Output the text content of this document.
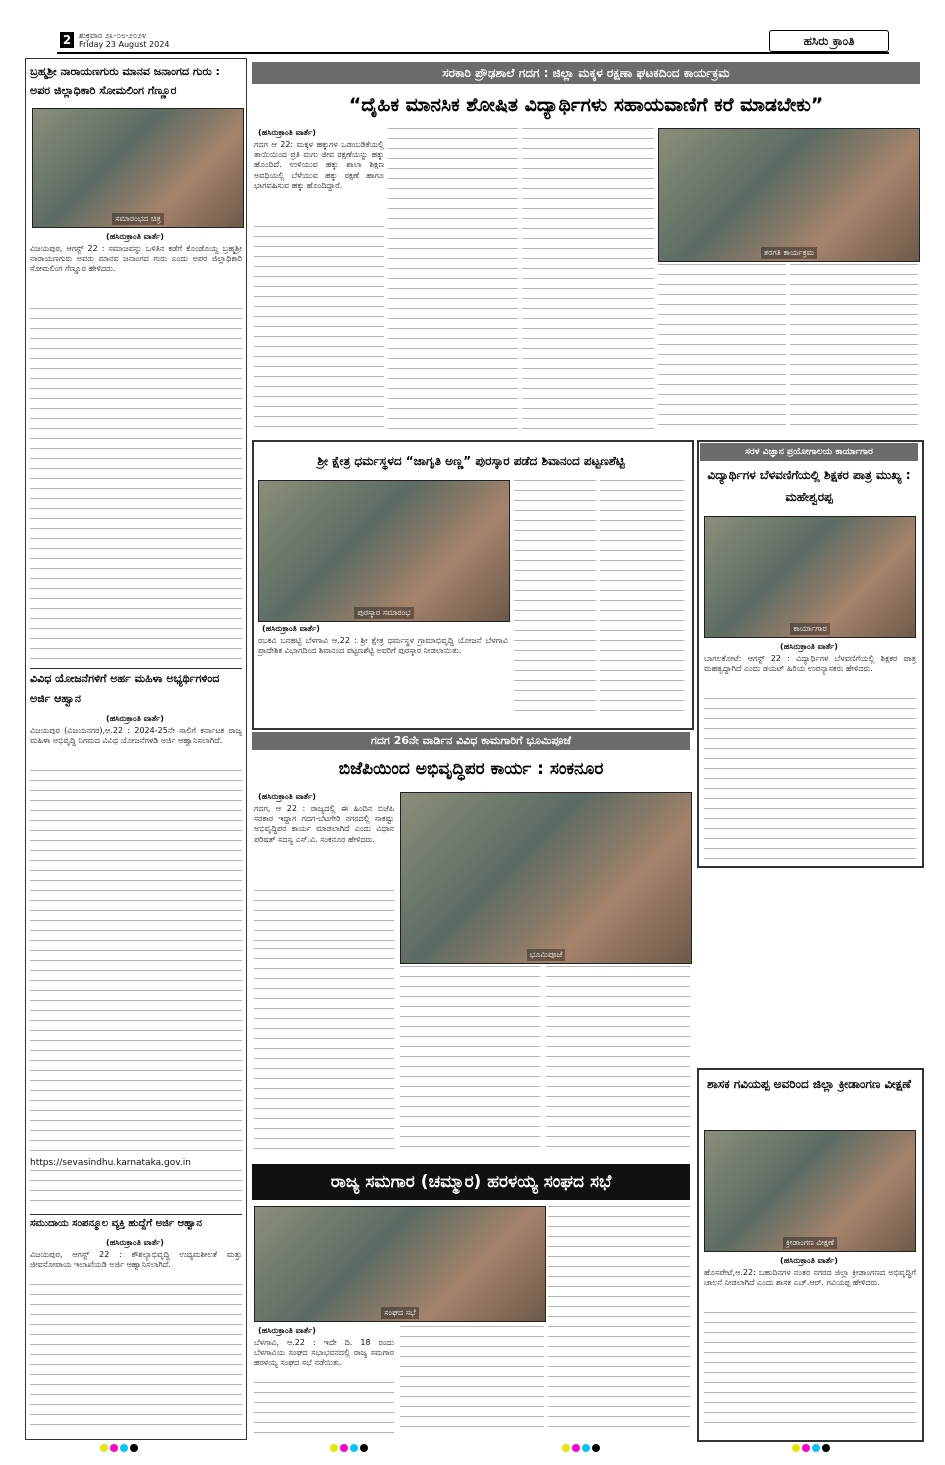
2 ಶುಕ್ರವಾರ ೨೩-೦೮-೨೦೨೪
Friday 23 August 2024	ಹಸಿರು ಕ್ರಾಂತಿ
ಬ್ರಹ್ಮಶ್ರೀ ನಾರಾಯಣಗುರು ಮಾನವ ಜನಾಂಗದ ಗುರು : ಅಪರ ಜಿಲ್ಲಾಧಿಕಾರಿ ಸೋಮಲಿಂಗ ಗೆಣ್ಣೂರ
ಸಮಾರಂಭದ ಚಿತ್ರ
(ಹಸಿರುಕ್ರಾಂತಿ ವಾರ್ತೆ)
ವಿಜಯಪುರ, ಆಗಸ್ಟ್ 22 : ಸಮಾಜವನ್ನು ಒಳಿತಿನ ಕಡೆಗೆ ಕೊಂಡೊಯ್ದ ಬ್ರಹ್ಮಶ್ರೀ ನಾರಾಯಣಗುರು ಅವರು ಮಾನವ ಜನಾಂಗದ ಗುರು ಎಂದು ಅಪರ ಜಿಲ್ಲಾಧಿಕಾರಿ ಸೋಮಲಿಂಗ ಗೆಣ್ಣೂರ ಹೇಳಿದರು.
ವಿವಿಧ ಯೋಜನೆಗಳಿಗೆ ಅರ್ಹ ಮಹಿಳಾ ಅಭ್ಯರ್ಥಿಗಳಿಂದ ಅರ್ಜಿ ಆಹ್ವಾನ
(ಹಸಿರುಕ್ರಾಂತಿ ವಾರ್ತೆ)
ವಿಜಯಪುರ (ವಿಜಯನಗರ),ಆ.22 : 2024-25ನೇ ಸಾಲಿಗೆ ಕರ್ನಾಟಕ ರಾಜ್ಯ ಮಹಿಳಾ ಅಭಿವೃದ್ಧಿ ನಿಗಮದ ವಿವಿಧ ಯೋಜನೆಗಳಡಿ ಅರ್ಜಿ ಆಹ್ವಾನಿಸಲಾಗಿದೆ.
https://sevasindhu.karnataka.gov.in
ಸಮುದಾಯ ಸಂಪನ್ಮೂಲ ವ್ಯಕ್ತಿ ಹುದ್ದೆಗೆ ಅರ್ಜಿ ಆಹ್ವಾನ
(ಹಸಿರುಕ್ರಾಂತಿ ವಾರ್ತೆ)
ವಿಜಯಪುರ, ಆಗಸ್ಟ್ 22 : ಕೌಶಲ್ಯಾಭಿವೃದ್ಧಿ ಉದ್ಯಮಶೀಲತೆ ಮತ್ತು ಜೀವನೋಪಾಯ ಇಲಾಖೆಯಡಿ ಅರ್ಜಿ ಆಹ್ವಾನಿಸಲಾಗಿದೆ.
ಸರಕಾರಿ ಪ್ರೌಢಶಾಲೆ ಗದಗ : ಜಿಲ್ಲಾ ಮಕ್ಕಳ ರಕ್ಷಣಾ ಘಟಕದಿಂದ ಕಾರ್ಯಕ್ರಮ
“ದೈಹಿಕ ಮಾನಸಿಕ ಶೋಷಿತ ವಿದ್ಯಾರ್ಥಿಗಳು ಸಹಾಯವಾಣಿಗೆ ಕರೆ ಮಾಡಬೇಕು”
(ಹಸಿರುಕ್ರಾಂತಿ ವಾರ್ತೆ)
ಗದಗ ಆ 22: ಮಕ್ಕಳ ಹಕ್ಕುಗಳ ಒಡಂಬಡಿಕೆಯಲ್ಲಿ ತಾಯಿಯಿಂದ ಪ್ರತಿ ಮಗು ಜೀವ ರಕ್ಷಣೆಯನ್ನು ಹಕ್ಕು ಹೊಂದಿದೆ. ಉಳಿಯುವ ಹಕ್ಕು ಶಾಲಾ ಶಿಕ್ಷಣ ಅವಧಿಯಲ್ಲಿ ಬೆಳೆಯುವ ಹಕ್ಕು ರಕ್ಷಣೆ ಹಾಗೂ ಭಾಗವಹಿಸುವ ಹಕ್ಕು ಹೊಂದಿದ್ದಾರೆ.
ತರಗತಿ ಕಾರ್ಯಕ್ರಮ
ಶ್ರೀ ಕ್ಷೇತ್ರ ಧರ್ಮಸ್ಥಳದ “ಜಾಗೃತಿ ಅಣ್ಣ” ಪುರಸ್ಕಾರ ಪಡೆದ ಶಿವಾನಂದ ಪಟ್ಟಣಶೆಟ್ಟಿ
ಪುರಸ್ಕಾರ ಸಮಾರಂಭ
(ಹಸಿರುಕ್ರಾಂತಿ ವಾರ್ತೆ)
ರಬಕವಿ ಬನಹಟ್ಟಿ ಬೆಳಗಾವಿ ಆ.22 : ಶ್ರೀ ಕ್ಷೇತ್ರ ಧರ್ಮಸ್ಥಳ ಗ್ರಾಮಾಭಿವೃದ್ಧಿ ಯೋಜನೆ ಬೆಳಗಾವಿ ಪ್ರಾದೇಶಿಕ ವಿಭಾಗದಿಂದ ಶಿವಾನಂದ ಪಟ್ಟಣಶೆಟ್ಟಿ ಅವರಿಗೆ ಪುರಸ್ಕಾರ ನೀಡಲಾಯಿತು.
ಸರಳ ವಿಜ್ಞಾನ ಪ್ರಯೋಗಾಲಯ ಕಾರ್ಯಾಗಾರ
ವಿದ್ಯಾರ್ಥಿಗಳ ಬೆಳವಣಿಗೆಯಲ್ಲಿ ಶಿಕ್ಷಕರ ಪಾತ್ರ ಮುಖ್ಯ : ಮಹೇಶ್ವರಪ್ಪ
ಕಾರ್ಯಾಗಾರ
(ಹಸಿರುಕ್ರಾಂತಿ ವಾರ್ತೆ)
ಬಾಗಲಕೋಟೆ: ಆಗಸ್ಟ್ 22 : ವಿದ್ಯಾರ್ಥಿಗಳ ಬೆಳವಣಿಗೆಯಲ್ಲಿ ಶಿಕ್ಷಕರ ಪಾತ್ರ ಮಹತ್ವದ್ದಾಗಿದೆ ಎಂದು ಡಯಟ್ ಹಿರಿಯ ಉಪನ್ಯಾಸಕರು ಹೇಳಿದರು.
ಗದಗ 26ನೇ ವಾರ್ಡಿನ ವಿವಿಧ ಕಾಮಗಾರಿಗೆ ಭೂಮಿಪೂಜೆ
ಬಿಜೆಪಿಯಿಂದ ಅಭಿವೃದ್ಧಿಪರ ಕಾರ್ಯ : ಸಂಕನೂರ
(ಹಸಿರುಕ್ರಾಂತಿ ವಾರ್ತೆ)
ಗದಗ, ಆ 22 : ರಾಜ್ಯದಲ್ಲಿ ಈ ಹಿಂದಿನ ಬಿಜೆಪಿ ಸರಕಾರ ಇದ್ದಾಗ ಗದಗ-ಬೆಟಗೇರಿ ನಗರದಲ್ಲಿ ಸಾಕಷ್ಟು ಅಭಿವೃದ್ಧಿಪರ ಕಾರ್ಯ ಮಾಡಲಾಗಿದೆ ಎಂದು ವಿಧಾನ ಪರಿಷತ್ ಸದಸ್ಯ ಎಸ್.ವಿ. ಸಂಕನೂರ ಹೇಳಿದರು.
ಭೂಮಿಪೂಜೆ
ಶಾಸಕ ಗವಿಯಪ್ಪ ಅವರಿಂದ ಜಿಲ್ಲಾ ಕ್ರೀಡಾಂಗಣ ವೀಕ್ಷಣೆ
ಕ್ರೀಡಾಂಗಣ ವೀಕ್ಷಣೆ
(ಹಸಿರುಕ್ರಾಂತಿ ವಾರ್ತೆ)
ಹೊಸಪೇಟೆ,ಆ.22: ಬಹುದಿನಗಳ ನಂತರ ನಗರದ ಜಿಲ್ಲಾ ಕ್ರೀಡಾಂಗಣದ ಅಭಿವೃದ್ಧಿಗೆ ಚಾಲನೆ ನೀಡಲಾಗಿದೆ ಎಂದು ಶಾಸಕ ಎಚ್.ಆರ್. ಗವಿಯಪ್ಪ ಹೇಳಿದರು.
ರಾಜ್ಯ ಸಮಗಾರ (ಚಮ್ಮಾರ) ಹರಳಯ್ಯ ಸಂಘದ ಸಭೆ
ಸಂಘದ ಸಭೆ
(ಹಸಿರುಕ್ರಾಂತಿ ವಾರ್ತೆ)
ಬೆಳಗಾವಿ, ಆ.22 : ಇದೇ ದಿ. 18 ರಂದು ಬೆಳಗಾವಿಯ ಸಂಘದ ಸಭಾಭವನದಲ್ಲಿ ರಾಜ್ಯ ಸಮಗಾರ ಹರಳಯ್ಯ ಸಂಘದ ಸಭೆ ನಡೆಯಿತು.
